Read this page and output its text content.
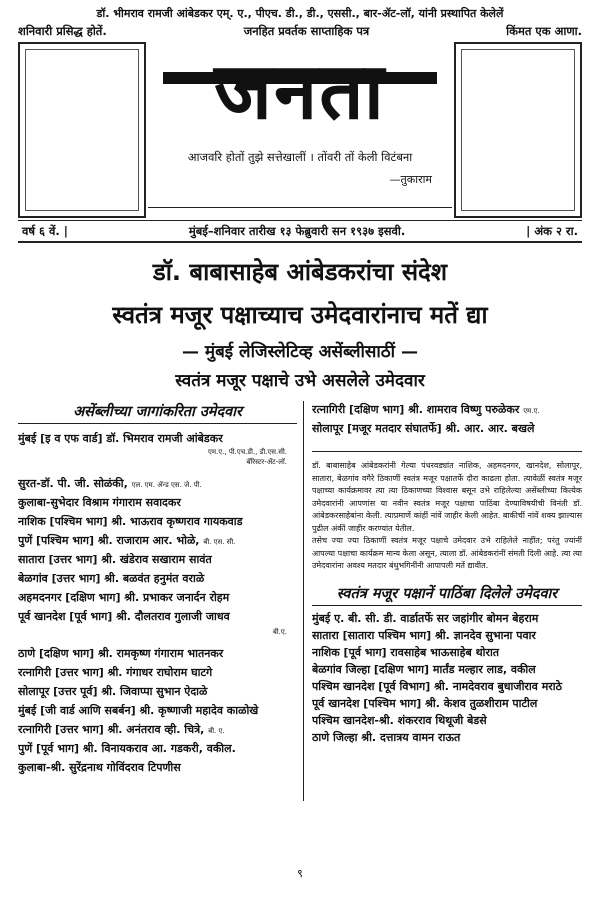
डॉ. भीमराव रामजी आंबेडकर एम्. ए., पीएच. डी., डी., एससी., बार-ॲट-लॉ, यांनी प्रस्थापित केलेलें
शनिवारी प्रसिद्ध होतें.	जनहित प्रवर्तक साप्ताहिक पत्र	किंमत एक आणा.
जनता
आजवरि होतों तुझे सत्तेखालीं । तोंवरी तों केली विटंबना
—तुकाराम
वर्ष ६ वें. |	मुंबई–शनिवार तारीख १३ फेब्रुवारी सन १९३७ इसवी.	| अंक २ रा.
डॉ. बाबासाहेब आंबेडकरांचा संदेश
स्वतंत्र मजूर पक्षाच्याच उमेदवारांनाच मतें द्या
— मुंबई लेजिस्लेटिव्ह असेंब्लीसाठीं —
स्वतंत्र मजूर पक्षाचे उभे असलेले उमेदवार
असेंब्लीच्या जागांकरिता उमेदवार
मुंबई [इ व एफ वार्ड] डॉ. भिमराव रामजी आंबेडकर
एम.ए., पी.एच.डी., डी.एस.सी.
बॅरिस्टर-ॲट-लॉ.
सुरत-डॉ. पी. जी. सोळंकी, एल. एम. ॲन्ड एस. जे. पी.
कुलाबा-सुभेदार विश्राम गंगाराम सवादकर
नाशिक [पश्चिम भाग] श्री. भाऊराव कृष्णराव गायकवाड
पुणें [पश्चिम भाग] श्री. राजाराम आर. भोळे, बी. एस. सी.
सातारा [उत्तर भाग] श्री. खंडेराव सखाराम सावंत
बेळगांव [उत्तर भाग] श्री. बळवंत हनुमंत वराळे
अहमदनगर [दक्षिण भाग] श्री. प्रभाकर जनार्दन रोहम
पूर्व खानदेश [पूर्व भाग] श्री. दौलतराव गुलाजी जाधव
बी.ए.
ठाणे [दक्षिण भाग] श्री. रामकृष्ण गंगाराम भातनकर
रत्नागिरी [उत्तर भाग] श्री. गंगाधर राघोराम घाटगे
सोलापूर [उत्तर पूर्व] श्री. जिवाप्पा सुभान ऐदाळे
मुंबई [जी वार्ड आणि सबर्बन] श्री. कृष्णाजी महादेव काळोखे
रत्नागिरी [उत्तर भाग] श्री. अनंतराव व्ही. चित्रे, बी. ए.
पुणें [पूर्व भाग] श्री. विनायकराव आ. गडकरी, वकील.
कुलाबा-श्री. सुरेंद्रनाथ गोविंदराव टिपणीस
रत्नागिरी [दक्षिण भाग] श्री. शामराव विष्णु परुळेकर एम.ए.
सोलापूर [मजूर मतदार संघातर्फे] श्री. आर. आर. बखले
डॉ. बाबासाहेब आंबेडकरांनी गेल्या पंधरवड्यांत नाशिक, अहमदनगर, खानदेश, सोलापूर, सातारा, बेळगांव वगैरे ठिकाणीं स्वतंत्र मजूर पक्षातर्फे दौरा काढला होता. त्यावेळीं स्वतंत्र मजूर पक्षाच्या कार्यक्रमावर त्या त्या ठिकाणच्या विश्वास बसून उभे राहिलेल्या असेंब्लीच्या कित्येक उमेदवारांनी आपणांस या नवीन स्वतंत्र मजूर पक्षाचा पाठिंबा देण्याविषयीची विनंती डॉ. आंबेडकरसाहेबांना केली. त्याप्रमाणें कांहीं नांवें जाहीर केली आहेत. बाकीचीं नांवें शक्य झाल्यास पुढील अंकीं जाहीर करण्यांत येतील.
तसेच ज्या ज्या ठिकाणीं स्वतंत्र मजूर पक्षाचे उमेदवार उभे राहिलेले नाहींत; परंतु ज्यांनीं आपल्या पक्षाचा कार्यक्रम मान्य केला असून, त्याला डॉ. आंबेडकरांनीं संमती दिली आहे. त्या त्या उमेदवारांना अवश्य मतदार बंधुभगिनींनी आपापली मतें द्यावीत.
स्वतंत्र मजूर पक्षानें पाठिंबा दिलेले उमेदवार
मुंबई ए. बी. सी. डी. वार्डातर्फे सर जहांगीर बोमन बेहराम
सातारा [सातारा पश्चिम भाग] श्री. ज्ञानदेव सुभाना पवार
नाशिक [पूर्व भाग] रावसाहेब भाऊसाहेब थोरात
बेळगांव जिल्हा [दक्षिण भाग] मार्तंड मल्हार लाड, वकील
पश्चिम खानदेश [पूर्व विभाग] श्री. नामदेवराव बुधाजीराव मराठे
पूर्व खानदेश [पश्चिम भाग] श्री. केशव तुळशीराम पाटील
पश्चिम खानदेश-श्री. शंकरराव थिथूजी बेडसे
ठाणे जिल्हा श्री. दत्तात्रय वामन राऊत
९
